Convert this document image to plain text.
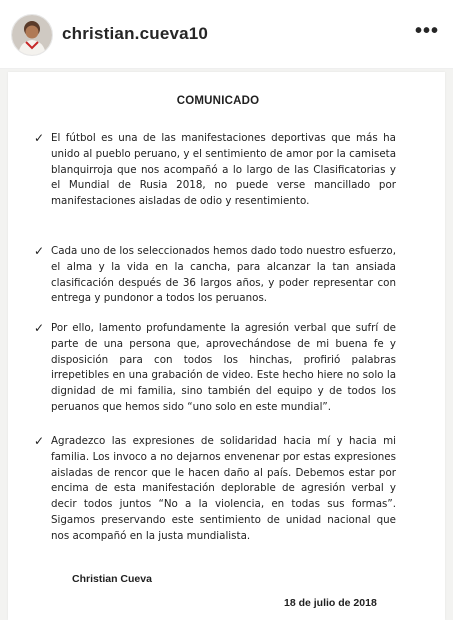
christian.cueva10	•••
COMUNICADO
✓ El fútbol es una de las manifestaciones deportivas que más ha unido al pueblo peruano, y el sentimiento de amor por la camiseta blanquirroja que nos acompañó a lo largo de las Clasificatorias y el Mundial de Rusia 2018, no puede verse mancillado por manifestaciones aisladas de odio y resentimiento.
✓ Cada uno de los seleccionados hemos dado todo nuestro esfuerzo, el alma y la vida en la cancha, para alcanzar la tan ansiada clasificación después de 36 largos años, y poder representar con entrega y pundonor a todos los peruanos.
✓ Por ello, lamento profundamente la agresión verbal que sufrí de parte de una persona que, aprovechándose de mi buena fe y disposición para con todos los hinchas, profirió palabras irrepetibles en una grabación de video. Este hecho hiere no solo la dignidad de mi familia, sino también del equipo y de todos los peruanos que hemos sido “uno solo en este mundial”.
✓ Agradezco las expresiones de solidaridad hacia mí y hacia mi familia. Los invoco a no dejarnos envenenar por estas expresiones aisladas de rencor que le hacen daño al país. Debemos estar por encima de esta manifestación deplorable de agresión verbal y decir todos juntos “No a la violencia, en todas sus formas”. Sigamos preservando este sentimiento de unidad nacional que nos acompañó en la justa mundialista.
Christian Cueva
18 de julio de 2018
